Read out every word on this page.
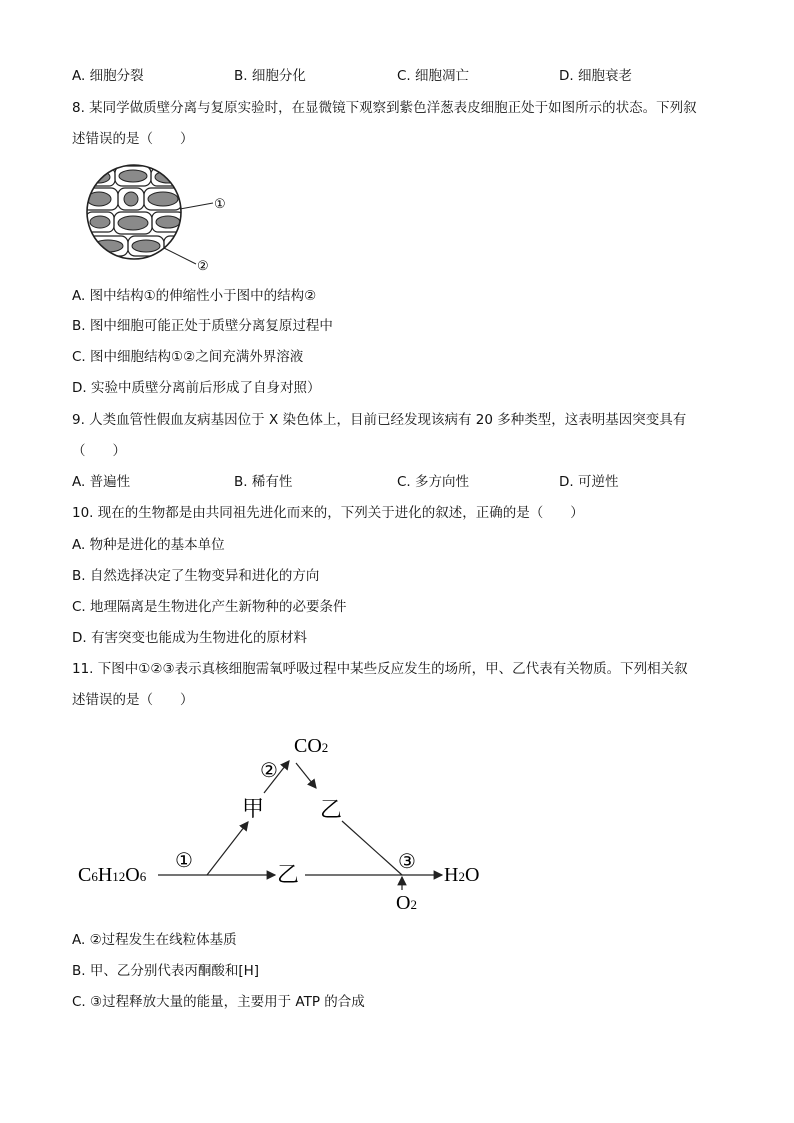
A. 细胞分裂	B. 细胞分化	C. 细胞凋亡	D. 细胞衰老
8. 某同学做质壁分离与复原实验时，在显微镜下观察到紫色洋葱表皮细胞正处于如图所示的状态。下列叙
述错误的是（　　）
①
②
A. 图中结构①的伸缩性小于图中的结构②
B. 图中细胞可能正处于质壁分离复原过程中
C. 图中细胞结构①②之间充满外界溶液
D. 实验中质壁分离前后形成了自身对照）
9. 人类血管性假血友病基因位于 X 染色体上，目前已经发现该病有 20 多种类型，这表明基因突变具有
（　　）
A. 普遍性	B. 稀有性	C. 多方向性	D. 可逆性
10. 现在的生物都是由共同祖先进化而来的，下列关于进化的叙述，正确的是（　　）
A. 物种是进化的基本单位
B. 自然选择决定了生物变异和进化的方向
C. 地理隔离是生物进化产生新物种的必要条件
D. 有害突变也能成为生物进化的原材料
11. 下图中①②③表示真核细胞需氧呼吸过程中某些反应发生的场所，甲、乙代表有关物质。下列相关叙
述错误的是（　　）
C6H12O6
①
乙	H2O
③
O2
甲
②
CO2
乙
A. ②过程发生在线粒体基质
B. 甲、乙分别代表丙酮酸和[H]
C. ③过程释放大量的能量，主要用于 ATP 的合成
